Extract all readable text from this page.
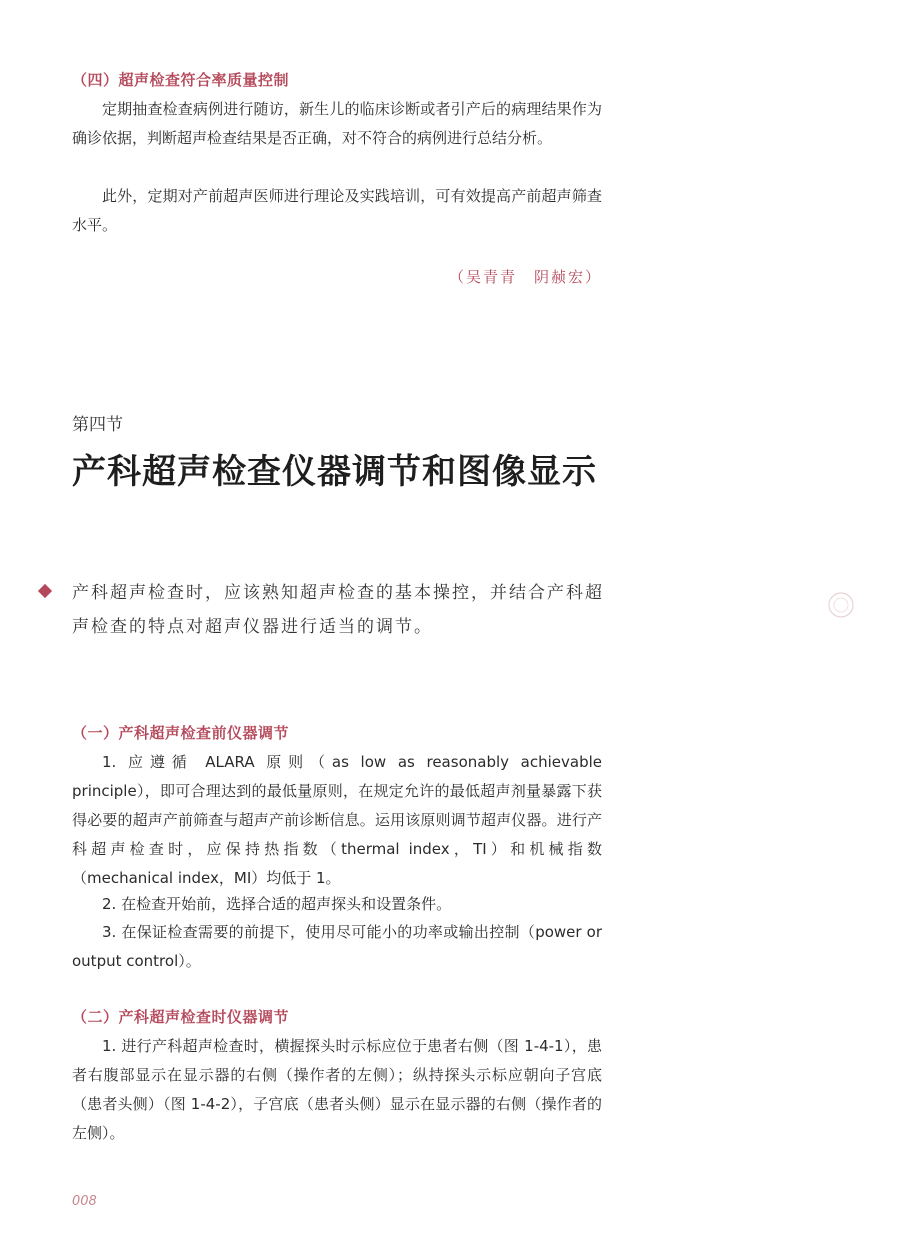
（四）超声检查符合率质量控制

定期抽查检查病例进行随访，新生儿的临床诊断或者引产后的病理结果作为确诊依据，判断超声检查结果是否正确，对不符合的病例进行总结分析。

此外，定期对产前超声医师进行理论及实践培训，可有效提高产前超声筛查水平。

（吴青青　阴赪宏）
第四节
产科超声检查仪器调节和图像显示

产科超声检查时，应该熟知超声检查的基本操控，并结合产科超声检查的特点对超声仪器进行适当的调节。

（一）产科超声检查前仪器调节

1. 应遵循 ALARA 原则（as low as reasonably achievable principle），即可合理达到的最低量原则，在规定允许的最低超声剂量暴露下获得必要的超声产前筛查与超声产前诊断信息。运用该原则调节超声仪器。进行产科超声检查时，应保持热指数（thermal index，TI）和机械指数（mechanical index，MI）均低于 1。

2. 在检查开始前，选择合适的超声探头和设置条件。

3. 在保证检查需要的前提下，使用尽可能小的功率或输出控制（power or output control）。

（二）产科超声检查时仪器调节

1. 进行产科超声检查时，横握探头时示标应位于患者右侧（图 1-4-1），患者右腹部显示在显示器的右侧（操作者的左侧）；纵持探头示标应朝向子宫底（患者头侧）（图 1-4-2），子宫底（患者头侧）显示在显示器的右侧（操作者的左侧）。

008
